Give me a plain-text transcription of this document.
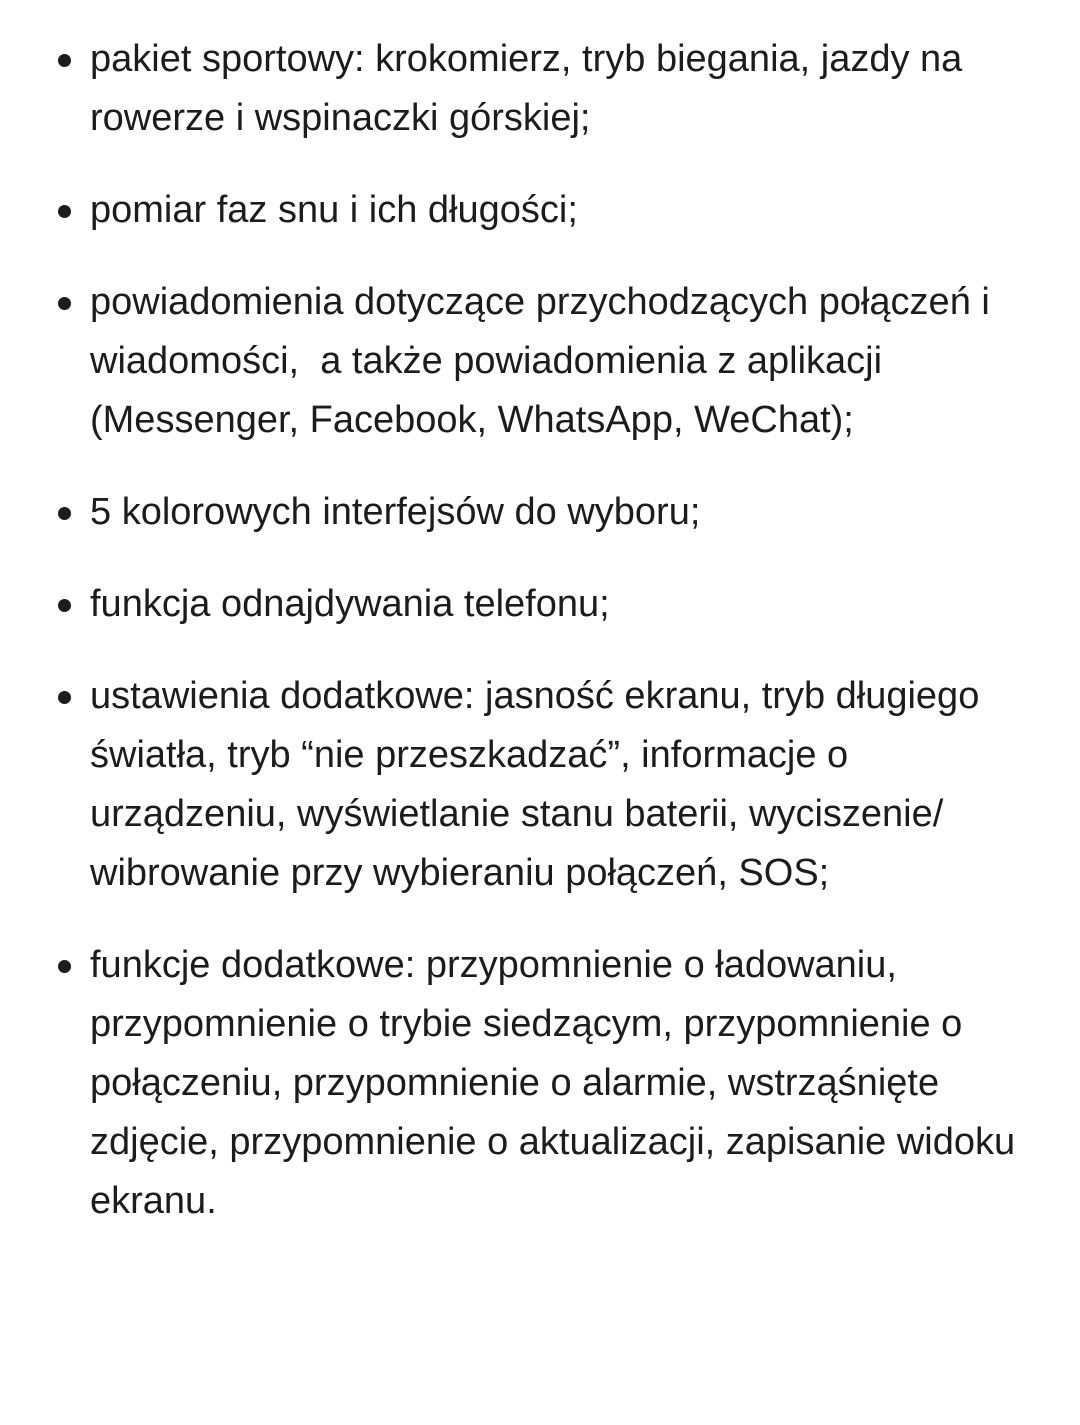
pakiet sportowy: krokomierz, tryb biegania, jazdy na rowerze i wspinaczki górskiej;
pomiar faz snu i ich długości;
powiadomienia dotyczące przychodzących połączeń i wiadomości,  a także powiadomienia z aplikacji (Messenger, Facebook, WhatsApp, WeChat);
5 kolorowych interfejsów do wyboru;
funkcja odnajdywania telefonu;
ustawienia dodatkowe: jasność ekranu, tryb długiego światła, tryb “nie przeszkadzać”, informacje o urządzeniu, wyświetlanie stanu baterii, wyciszenie/ wibrowanie przy wybieraniu połączeń, SOS;
funkcje dodatkowe: przypomnienie o ładowaniu, przypomnienie o trybie siedzącym, przypomnienie o połączeniu, przypomnienie o alarmie, wstrząśnięte zdjęcie, przypomnienie o aktualizacji, zapisanie widoku ekranu.
